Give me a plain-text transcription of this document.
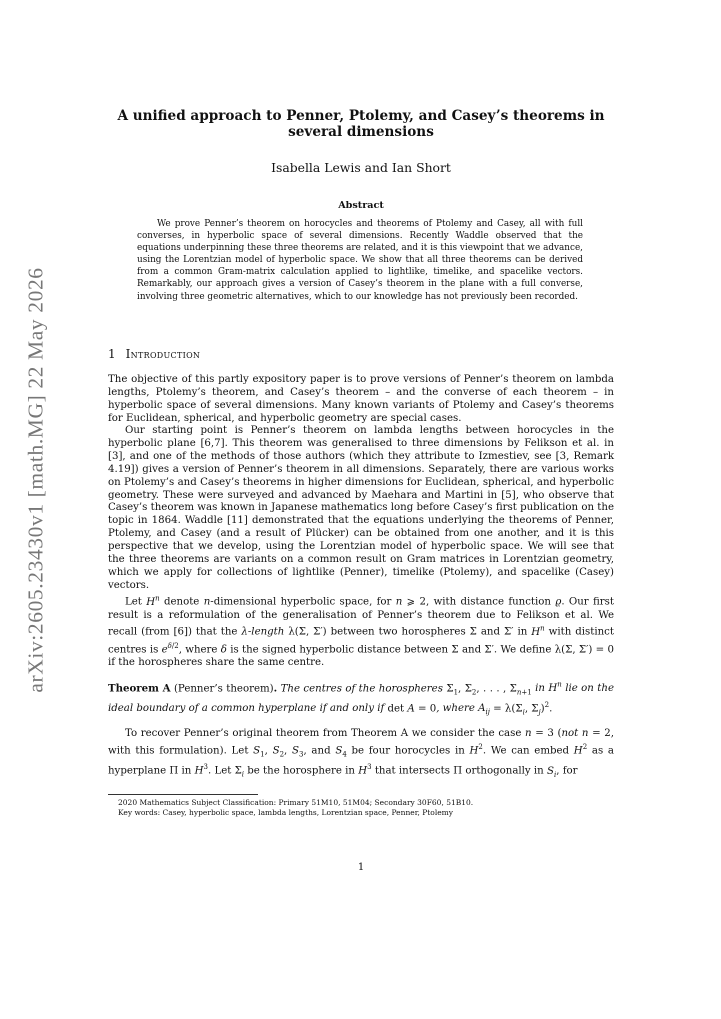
arXiv:2605.23430v1 [math.MG] 22 May 2026
A unified approach to Penner, Ptolemy, and Casey’s theorems in
several dimensions
Isabella Lewis and Ian Short
Abstract

We prove Penner’s theorem on horocycles and theorems of Ptolemy and Casey, all with full converses, in hyperbolic space of several dimensions. Recently Waddle observed that the equations underpinning these three theorems are related, and it is this viewpoint that we advance, using the Lorentzian model of hyperbolic space. We show that all three theorems can be derived from a common Gram-matrix calculation applied to lightlike, timelike, and spacelike vectors. Remarkably, our approach gives a version of Casey’s theorem in the plane with a full converse, involving three geometric alternatives, which to our knowledge has not previously been recorded.

1 Introduction

The objective of this partly expository paper is to prove versions of Penner’s theorem on lambda lengths, Ptolemy’s theorem, and Casey’s theorem – and the converse of each theorem – in hyperbolic space of several dimensions. Many known variants of Ptolemy and Casey’s theorems for Euclidean, spherical, and hyperbolic geometry are special cases.

Our starting point is Penner’s theorem on lambda lengths between horocycles in the hyperbolic plane [6,7]. This theorem was generalised to three dimensions by Felikson et al. in [3], and one of the methods of those authors (which they attribute to Izmestiev, see [3, Remark 4.19]) gives a version of Penner’s theorem in all dimensions. Separately, there are various works on Ptolemy’s and Casey’s theorems in higher dimensions for Euclidean, spherical, and hyperbolic geometry. These were surveyed and advanced by Maehara and Martini in [5], who observe that Casey’s theorem was known in Japanese mathematics long before Casey’s first publication on the topic in 1864. Waddle [11] demonstrated that the equations underlying the theorems of Penner, Ptolemy, and Casey (and a result of Plücker) can be obtained from one another, and it is this perspective that we develop, using the Lorentzian model of hyperbolic space. We will see that the three theorems are variants on a common result on Gram matrices in Lorentzian geometry, which we apply for collections of lightlike (Penner), timelike (Ptolemy), and spacelike (Casey) vectors.

Let $H^n$ denote n-dimensional hyperbolic space, for n ⩾ 2, with distance function ϱ. Our first result is a reformulation of the generalisation of Penner’s theorem due to Felikson et al. We recall (from [6]) that the λ-length λ(Σ, Σ′) between two horospheres Σ and Σ′ in $H^n$ with distinct centres is $e^{\delta/2}$, where δ is the signed hyperbolic distance between Σ and Σ′. We define λ(Σ, Σ′) = 0 if the horospheres share the same centre.

Theorem A (Penner’s theorem). The centres of the horospheres $\Sigma_1$, $\Sigma_2$, . . . , $\Sigma_{n+1}$ in $H^n$ lie on the ideal boundary of a common hyperplane if and only if det A = 0, where $A_{ij} = \lambda(\Sigma_i$, $\Sigma_j)^2$.

To recover Penner’s original theorem from Theorem A we consider the case n = 3 (not n = 2, with this formulation). Let $S_1$, $S_2$, $S_3$, and $S_4$ be four horocycles in $H^2$. We can embed $H^2$ as a hyperplane Π in $H^3$. Let $\Sigma_i$ be the horosphere in $H^3$ that intersects Π orthogonally in $S_i$, for

2020 Mathematics Subject Classification: Primary 51M10, 51M04; Secondary 30F60, 51B10.

Key words: Casey, hyperbolic space, lambda lengths, Lorentzian space, Penner, Ptolemy

1
